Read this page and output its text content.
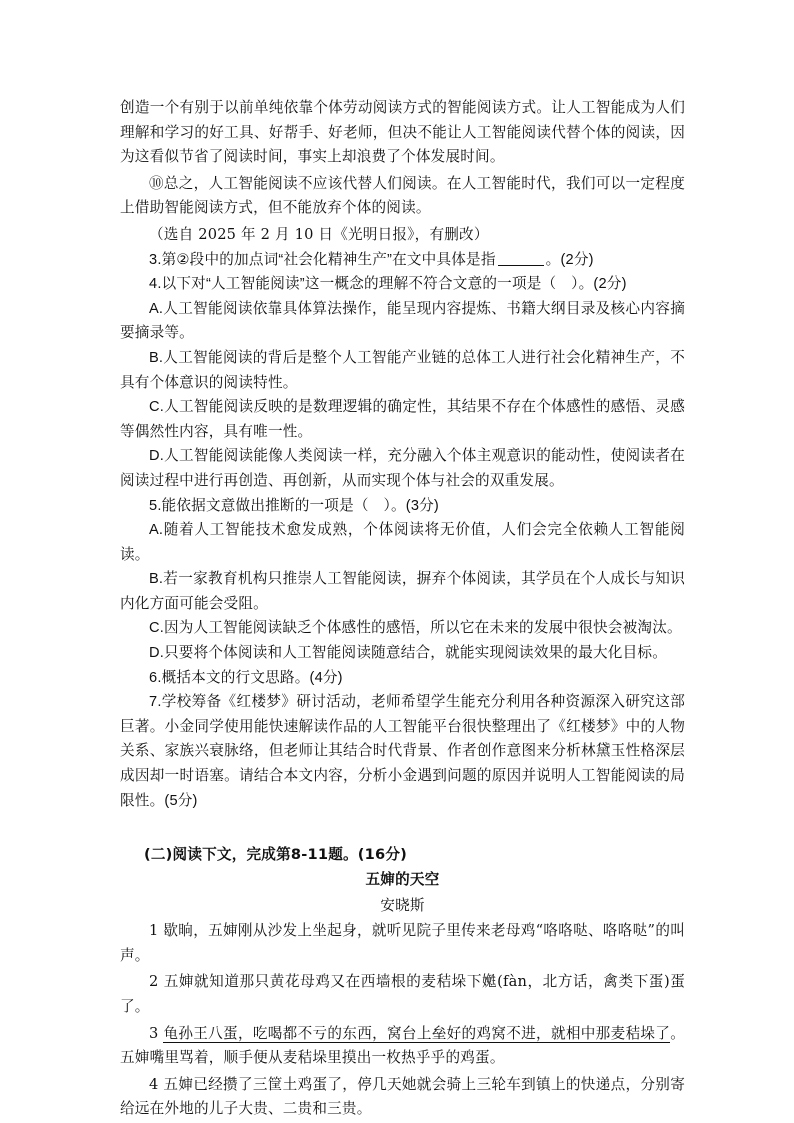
创造一个有别于以前单纯依靠个体劳动阅读方式的智能阅读方式。让人工智能成为人们理解和学习的好工具、好帮手、好老师，但决不能让人工智能阅读代替个体的阅读，因为这看似节省了阅读时间，事实上却浪费了个体发展时间。

⑩总之，人工智能阅读不应该代替人们阅读。在人工智能时代，我们可以一定程度上借助智能阅读方式，但不能放弃个体的阅读。

（选自 2025 年 2 月 10 日《光明日报》，有删改）

3.第②段中的加点词“社会化精神生产”在文中具体是指	。(2分)

4.以下对“人工智能阅读”这一概念的理解不符合文意的一项是（　）。(2分)

A.人工智能阅读依靠具体算法操作，能呈现内容提炼、书籍大纲目录及核心内容摘要摘录等。

B.人工智能阅读的背后是整个人工智能产业链的总体工人进行社会化精神生产，不具有个体意识的阅读特性。

C.人工智能阅读反映的是数理逻辑的确定性，其结果不存在个体感性的感悟、灵感等偶然性内容，具有唯一性。

D.人工智能阅读能像人类阅读一样，充分融入个体主观意识的能动性，使阅读者在阅读过程中进行再创造、再创新，从而实现个体与社会的双重发展。

5.能依据文意做出推断的一项是（　）。(3分)

A.随着人工智能技术愈发成熟，个体阅读将无价值，人们会完全依赖人工智能阅读。

B.若一家教育机构只推崇人工智能阅读，摒弃个体阅读，其学员在个人成长与知识内化方面可能会受阻。

C.因为人工智能阅读缺乏个体感性的感悟，所以它在未来的发展中很快会被淘汰。

D.只要将个体阅读和人工智能阅读随意结合，就能实现阅读效果的最大化目标。

6.概括本文的行文思路。(4分)

7.学校筹备《红楼梦》研讨活动，老师希望学生能充分利用各种资源深入研究这部巨著。小金同学使用能快速解读作品的人工智能平台很快整理出了《红楼梦》中的人物关系、家族兴衰脉络，但老师让其结合时代背景、作者创作意图来分析林黛玉性格深层成因却一时语塞。请结合本文内容，分析小金遇到问题的原因并说明人工智能阅读的局限性。(5分)

(二)阅读下文，完成第8-11题。(16分)

五婶的天空

安晓斯

1 歇晌，五婶刚从沙发上坐起身，就听见院子里传来老母鸡“咯咯哒、咯咯哒”的叫声。

2 五婶就知道那只黄花母鸡又在西墙根的麦秸垛下嬔(fàn，北方话，禽类下蛋)蛋了。

3 龟孙王八蛋，吃喝都不亏的东西，窝台上垒好的鸡窝不进，就相中那麦秸垛了。五婶嘴里骂着，顺手便从麦秸垛里摸出一枚热乎乎的鸡蛋。

4 五婶已经攒了三筐土鸡蛋了，停几天她就会骑上三轮车到镇上的快递点，分别寄给远在外地的儿子大贵、二贵和三贵。
